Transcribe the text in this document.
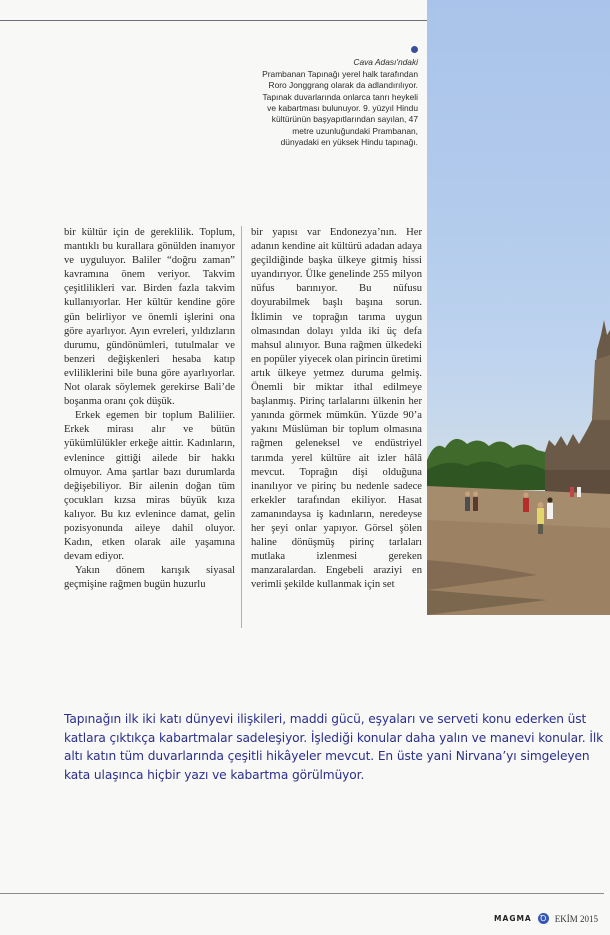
Cava Adası'ndaki
Prambanan Tapınağı yerel halk tarafından Roro Jonggrang olarak da adlandırılıyor. Tapınak duvarlarında onlarca tanrı heykeli ve kabartması bulunuyor. 9. yüzyıl Hindu kültürünün başyapıtlarından sayılan, 47 metre uzunluğundaki Prambanan, dünyadaki en yüksek Hindu tapınağı.

bir kültür için de gereklilik. Toplum, mantıklı bu kurallara gönülden inanıyor ve uyguluyor. Baliler “doğru zaman” kavramına önem veriyor. Takvim çeşitlilikleri var. Birden fazla takvim kullanıyorlar. Her kültür kendine göre gün belirliyor ve önemli işlerini ona göre ayarlıyor. Ayın evreleri, yıldızların durumu, gündönümleri, tutulmalar ve benzeri değişkenleri hesaba katıp evliliklerini bile buna göre ayarlıyorlar. Not olarak söylemek gerekirse Bali’de boşanma oranı çok düşük.

Erkek egemen bir toplum Baliliier. Erkek mirası alır ve bütün yükümlülükler erkeğe aittir. Kadınların, evlenince gittiği ailede bir hakkı olmuyor. Ama şartlar bazı durumlarda değişebiliyor. Bir ailenin doğan tüm çocukları kızsa miras büyük kıza kalıyor. Bu kız evlenince damat, gelin pozisyonunda aileye dahil oluyor. Kadın, etken olarak aile yaşamına devam ediyor.

Yakın dönem karışık siyasal geçmişine rağmen bugün huzurlu

bir yapısı var Endonezya’nın. Her adanın kendine ait kültürü adadan adaya geçildiğinde başka ülkeye gitmiş hissi uyandırıyor. Ülke genelinde 255 milyon nüfus barınıyor. Bu nüfusu doyurabilmek başlı başına sorun. İklimin ve toprağın tarıma uygun olmasından dolayı yılda iki üç defa mahsul alınıyor. Buna rağmen ülkedeki en popüler yiyecek olan pirincin üretimi artık ülkeye yetmez duruma gelmiş. Önemli bir miktar ithal edilmeye başlanmış. Pirinç tarlalarını ülkenin her yanında görmek mümkün. Yüzde 90’a yakını Müslüman bir toplum olmasına rağmen geleneksel ve endüstriyel tarımda yerel kültüre ait izler hâlâ mevcut. Toprağın dişi olduğuna inanılıyor ve pirinç bu nedenle sadece erkekler tarafından ekiliyor. Hasat zamanındaysa iş kadınların, neredeyse her şeyi onlar yapıyor. Görsel şölen haline dönüşmüş pirinç tarlaları mutlaka izlenmesi gereken manzaralardan. Engebeli araziyi en verimli şekilde kullanmak için set

Tapınağın ilk iki katı dünyevi ilişkileri, maddi gücü, eşyaları ve serveti konu ederken üst katlara çıktıkça kabartmalar sadeleşiyor. İşlediği konular daha yalın ve manevi konular. İlk altı katın tüm duvarlarında çeşitli hikâyeler mevcut. En üste yani Nirvana’yı simgeleyen kata ulaşınca hiçbir yazı ve kabartma görülmüyor.
MAGMA Ꝺ EKİM 2015
